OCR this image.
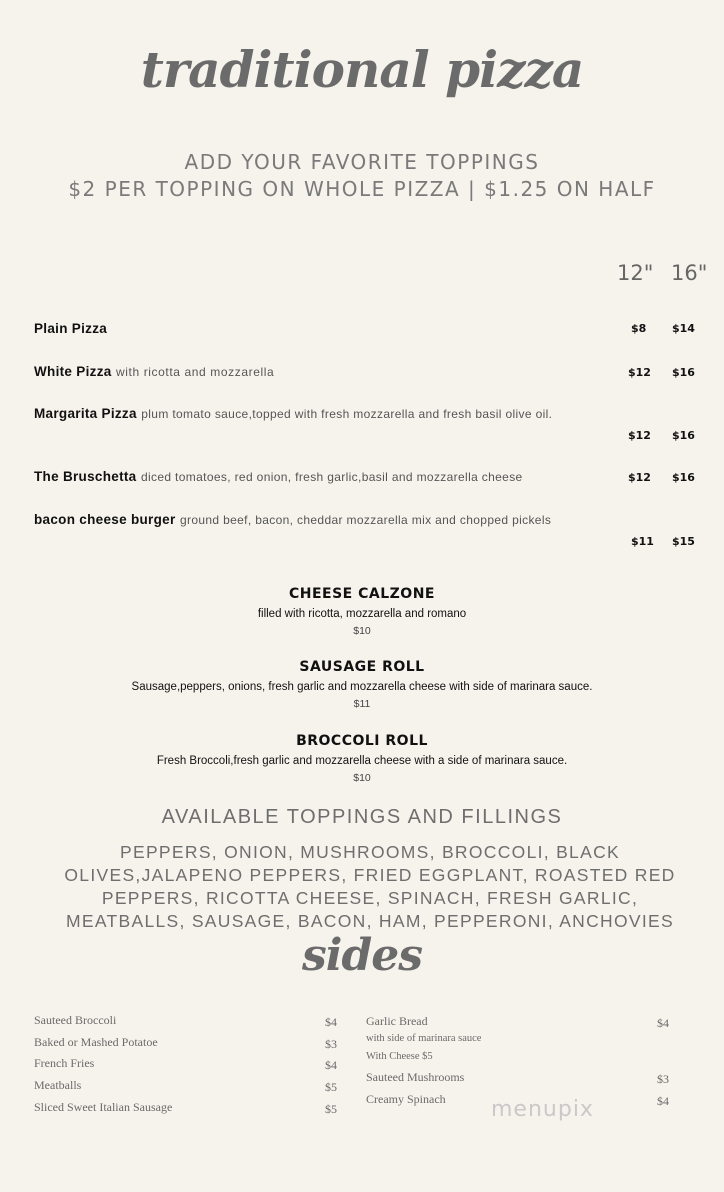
traditional pizza
ADD YOUR FAVORITE TOPPINGS
$2 PER TOPPING ON WHOLE PIZZA | $1.25 ON HALF
12" 16"
Plain Pizza	$8 $14
White Pizza with ricotta and mozzarella	$12 $16
Margarita Pizza plum tomato sauce,topped with fresh mozzarella and fresh basil olive oil.
$12 $16
The Bruschetta diced tomatoes, red onion, fresh garlic,basil and mozzarella cheese	$12 $16
bacon cheese burger ground beef, bacon, cheddar mozzarella mix and chopped pickels
$11 $15
CHEESE CALZONE
filled with ricotta, mozzarella and romano
$10
SAUSAGE ROLL
Sausage,peppers, onions, fresh garlic and mozzarella cheese with side of marinara sauce.
$11
BROCCOLI ROLL
Fresh Broccoli,fresh garlic and mozzarella cheese with a side of marinara sauce.
$10
AVAILABLE TOPPINGS AND FILLINGS
PEPPERS, ONION, MUSHROOMS, BROCCOLI, BLACK OLIVES,JALAPENO PEPPERS, FRIED EGGPLANT, ROASTED RED PEPPERS, RICOTTA CHEESE, SPINACH, FRESH GARLIC, MEATBALLS, SAUSAGE, BACON, HAM, PEPPERONI, ANCHOVIES
sides
Sauteed Broccoli	$4
Baked or Mashed Potatoe	$3
French Fries	$4
Meatballs	$5
Sliced Sweet Italian Sausage	$5
Garlic Bread	$4
with side of marinara sauce
With Cheese $5
Sauteed Mushrooms	$3
Creamy Spinach	$4
menupix
